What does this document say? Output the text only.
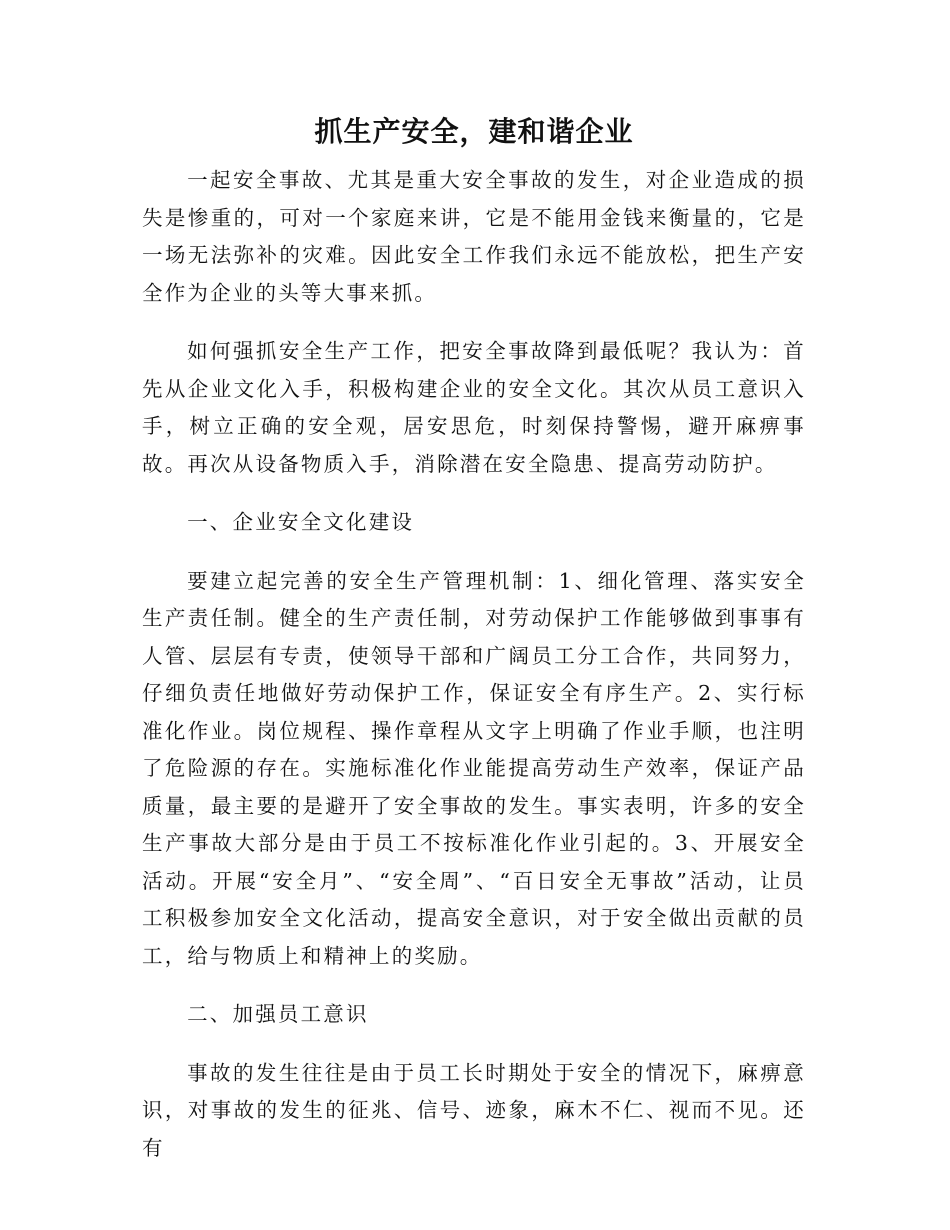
抓生产安全，建和谐企业

一起安全事故、尤其是重大安全事故的发生，对企业造成的损失是惨重的，可对一个家庭来讲，它是不能用金钱来衡量的，它是一场无法弥补的灾难。因此安全工作我们永远不能放松，把生产安全作为企业的头等大事来抓。

如何强抓安全生产工作，把安全事故降到最低呢？我认为：首先从企业文化入手，积极构建企业的安全文化。其次从员工意识入手，树立正确的安全观，居安思危，时刻保持警惕，避开麻痹事故。再次从设备物质入手，消除潜在安全隐患、提高劳动防护。

一、企业安全文化建设

要建立起完善的安全生产管理机制：1、细化管理、落实安全生产责任制。健全的生产责任制，对劳动保护工作能够做到事事有人管、层层有专责，使领导干部和广阔员工分工合作，共同努力，仔细负责任地做好劳动保护工作，保证安全有序生产。2、实行标准化作业。岗位规程、操作章程从文字上明确了作业手顺，也注明了危险源的存在。实施标准化作业能提高劳动生产效率，保证产品质量，最主要的是避开了安全事故的发生。事实表明，许多的安全生产事故大部分是由于员工不按标准化作业引起的。3、开展安全活动。开展“安全月”、“安全周”、“百日安全无事故”活动，让员工积极参加安全文化活动，提高安全意识，对于安全做出贡献的员工，给与物质上和精神上的奖励。

二、加强员工意识

事故的发生往往是由于员工长时期处于安全的情况下，麻痹意识，对事故的发生的征兆、信号、迹象，麻木不仁、视而不见。还有
